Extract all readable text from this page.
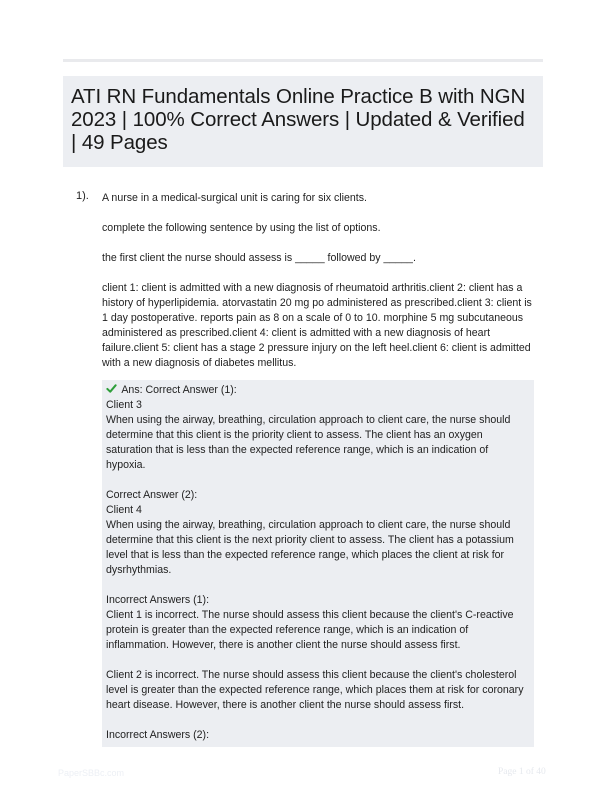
ATI RN Fundamentals Online Practice B with NGN 2023 | 100% Correct Answers | Updated & Verified | 49 Pages
1). A nurse in a medical-surgical unit is caring for six clients.

complete the following sentence by using the list of options.

the first client the nurse should assess is _____ followed by _____.

client 1: client is admitted with a new diagnosis of rheumatoid arthritis.client 2: client has a history of hyperlipidemia. atorvastatin 20 mg po administered as prescribed.client 3: client is 1 day postoperative. reports pain as 8 on a scale of 0 to 10. morphine 5 mg subcutaneous administered as prescribed.client 4: client is admitted with a new diagnosis of heart failure.client 5: client has a stage 2 pressure injury on the left heel.client 6: client is admitted with a new diagnosis of diabetes mellitus.

Ans: Correct Answer (1):
Client 3
When using the airway, breathing, circulation approach to client care, the nurse should determine that this client is the priority client to assess. The client has an oxygen saturation that is less than the expected reference range, which is an indication of hypoxia.

Correct Answer (2):
Client 4
When using the airway, breathing, circulation approach to client care, the nurse should determine that this client is the next priority client to assess. The client has a potassium level that is less than the expected reference range, which places the client at risk for dysrhythmias.

Incorrect Answers (1):
Client 1 is incorrect. The nurse should assess this client because the client's C-reactive protein is greater than the expected reference range, which is an indication of inflammation. However, there is another client the nurse should assess first.

Client 2 is incorrect. The nurse should assess this client because the client's cholesterol level is greater than the expected reference range, which places them at risk for coronary heart disease. However, there is another client the nurse should assess first.

Incorrect Answers (2):

PaperSBBc.com	Page 1 of 40
